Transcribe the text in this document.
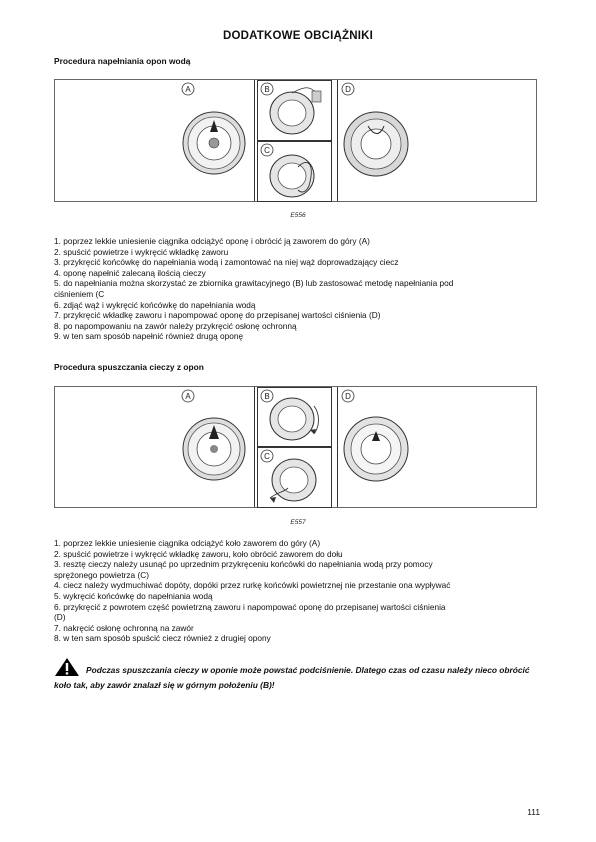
DODATKOWE OBCIĄŻNIKI
Procedura napełniania opon wodą
A	B
C
D
E556
1. poprzez lekkie uniesienie ciągnika odciążyć oponę i obrócić ją zaworem do góry (A)
2. spuścić powietrze i wykręcić wkładkę zaworu
3. przykręcić końcówkę do napełniania wodą i zamontować na niej wąż doprowadzający ciecz
4. oponę napełnić zalecaną ilością cieczy
5. do napełniania można skorzystać ze zbiornika grawitacyjnego (B) lub zastosować metodę napełniania pod
ciśnieniem (C
6. zdjąć wąż i wykręcić końcówkę do napełniania wodą
7. przykręcić wkładkę zaworu i napompować oponę do przepisanej wartości ciśnienia (D)
8. po napompowaniu na zawór należy przykręcić osłonę ochronną
9. w ten sam sposób napełnić również drugą oponę
Procedura spuszczania cieczy z opon
A	B
C
D
E557
1. poprzez lekkie uniesienie ciągnika odciążyć koło zaworem do góry (A)
2. spuścić powietrze i wykręcić wkładkę zaworu, koło obrócić zaworem do dołu
3. resztę cieczy należy usunąć po uprzednim przykręceniu końcówki do napełniania wodą przy pomocy
sprężonego powietrza (C)
4. ciecz należy wydmuchiwać dopóty, dopóki przez rurkę końcówki powietrznej nie przestanie ona wypływać
5. wykręcić końcówkę do napełniania wodą
6. przykręcić z powrotem część powietrzną zaworu i napompować oponę do przepisanej wartości ciśnienia
(D)
7. nakręcić osłonę ochronną na zawór
8. w ten sam sposób spuścić ciecz również z drugiej opony
Podczas spuszczania cieczy w oponie może powstać podciśnienie. Dlatego czas od czasu należy nieco obrócić koło tak, aby zawór znalazł się w górnym położeniu (B)!
111
